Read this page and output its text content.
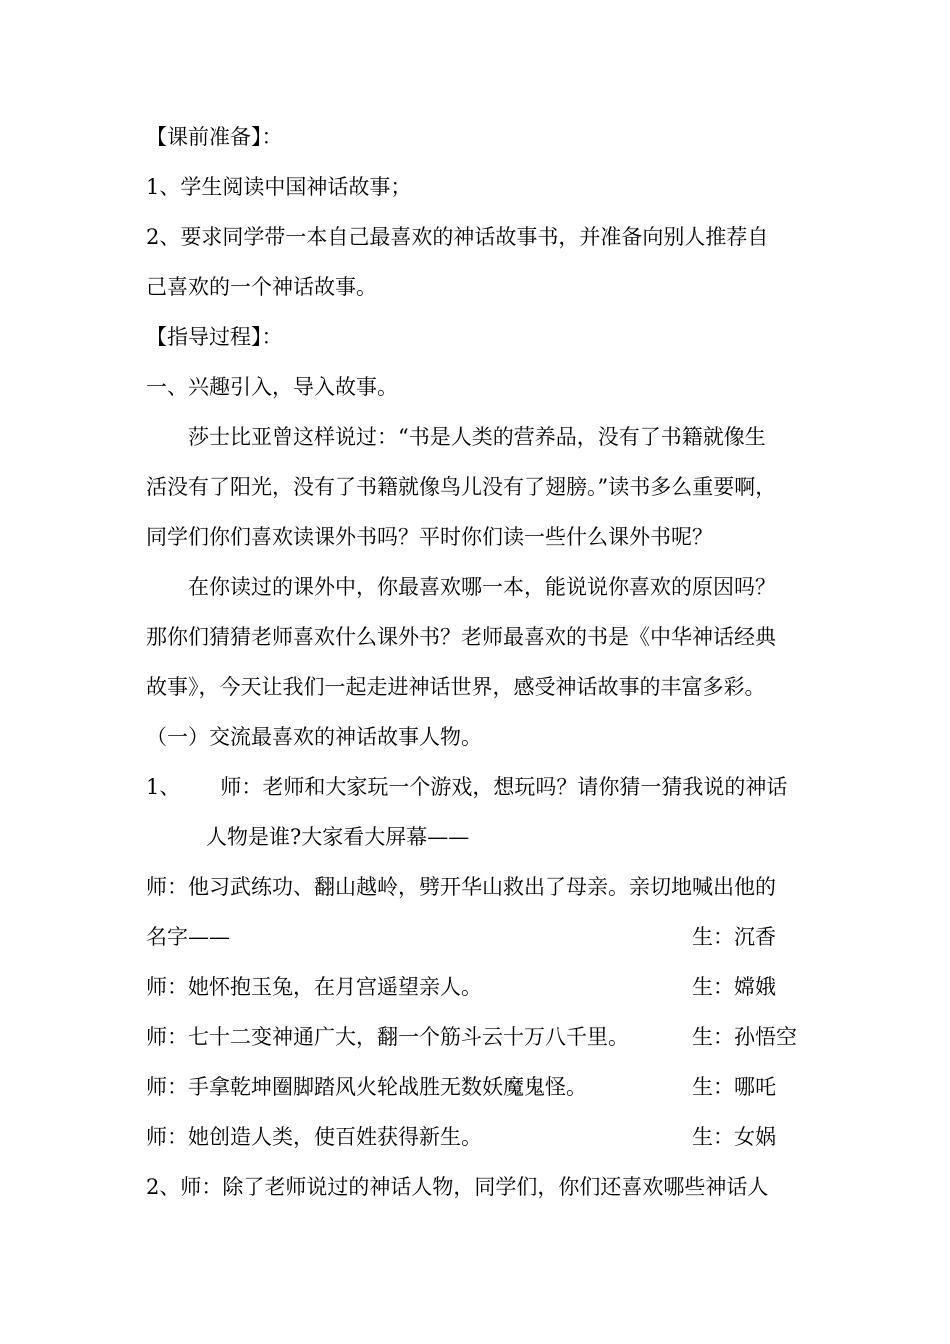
【课前准备】：
1、学生阅读中国神话故事；
2、要求同学带一本自己最喜欢的神话故事书，并准备向别人推荐自
己喜欢的一个神话故事。
【指导过程】：
一、兴趣引入，导入故事。
莎士比亚曾这样说过：“书是人类的营养品，没有了书籍就像生
活没有了阳光，没有了书籍就像鸟儿没有了翅膀。”读书多么重要啊，
同学们你们喜欢读课外书吗？平时你们读一些什么课外书呢？
在你读过的课外中，你最喜欢哪一本，能说说你喜欢的原因吗？
那你们猜猜老师喜欢什么课外书？老师最喜欢的书是《中华神话经典
故事》，今天让我们一起走进神话世界，感受神话故事的丰富多彩。
（一）交流最喜欢的神话故事人物。
1、 师：老师和大家玩一个游戏，想玩吗？请你猜一猜我说的神话
人物是谁?大家看大屏幕——
师：他习武练功、翻山越岭，劈开华山救出了母亲。亲切地喊出他的
名字——	生：沉香
师：她怀抱玉兔，在月宫遥望亲人。	生：嫦娥
师：七十二变神通广大，翻一个筋斗云十万八千里。	生：孙悟空
师：手拿乾坤圈脚踏风火轮战胜无数妖魔鬼怪。	生：哪吒
师：她创造人类，使百姓获得新生。	生：女娲
2、师：除了老师说过的神话人物，同学们，你们还喜欢哪些神话人
